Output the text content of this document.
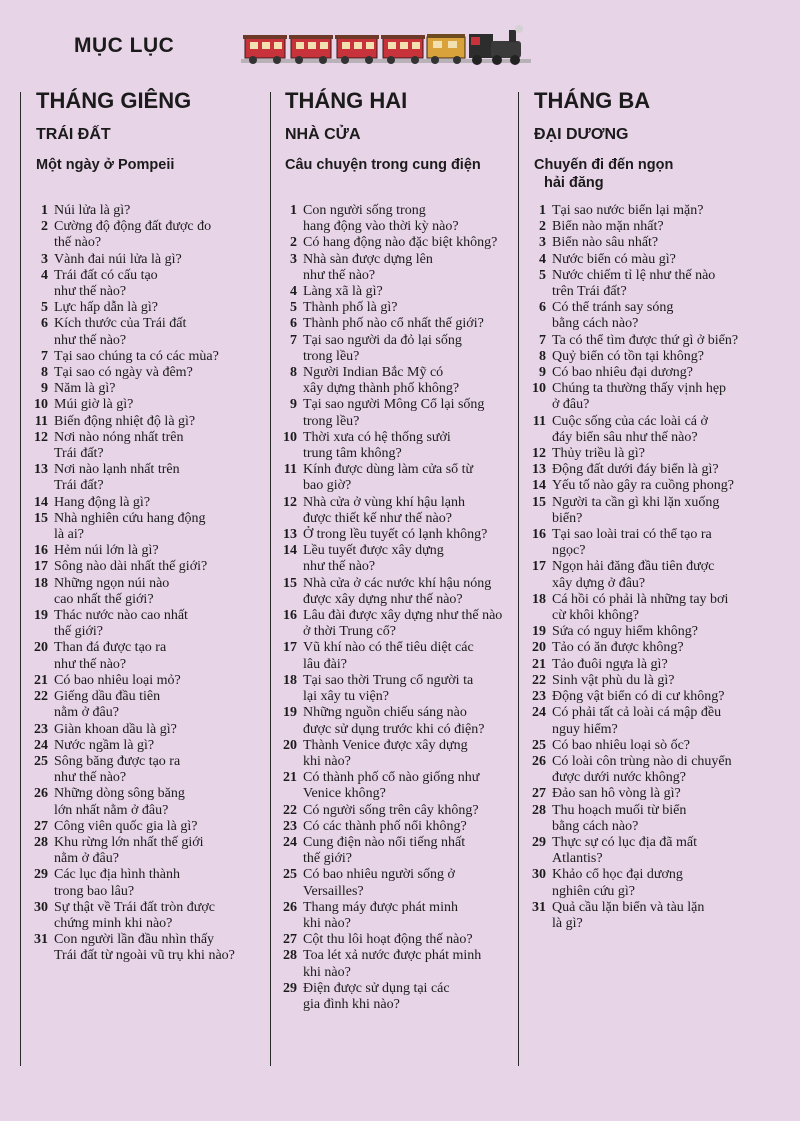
MỤC LỤC
THÁNG GIÊNG
TRÁI ĐẤT
Một ngày ở Pompeii
1 Núi lửa là gì?
2 Cường độ động đất được đo
thế nào?
3 Vành đai núi lửa là gì?
4 Trái đất có cấu tạo
như thế nào?
5 Lực hấp dẫn là gì?
6 Kích thước của Trái đất
như thế nào?
7 Tại sao chúng ta có các mùa?
8 Tại sao có ngày và đêm?
9 Năm là gì?
10 Múi giờ là gì?
11 Biến động nhiệt độ là gì?
12 Nơi nào nóng nhất trên
Trái đất?
13 Nơi nào lạnh nhất trên
Trái đất?
14 Hang động là gì?
15 Nhà nghiên cứu hang động
là ai?
16 Hẻm núi lớn là gì?
17 Sông nào dài nhất thế giới?
18 Những ngọn núi nào
cao nhất thế giới?
19 Thác nước nào cao nhất
thế giới?
20 Than đá được tạo ra
như thế nào?
21 Có bao nhiêu loại mỏ?
22 Giếng dầu đầu tiên
nằm ở đâu?
23 Giàn khoan dầu là gì?
24 Nước ngầm là gì?
25 Sông băng được tạo ra
như thế nào?
26 Những dòng sông băng
lớn nhất nằm ở đâu?
27 Công viên quốc gia là gì?
28 Khu rừng lớn nhất thế giới
nằm ở đâu?
29 Các lục địa hình thành
trong bao lâu?
30 Sự thật về Trái đất tròn được
chứng minh khi nào?
31 Con người lần đầu nhìn thấy
Trái đất từ ngoài vũ trụ khi nào?
THÁNG HAI
NHÀ CỬA
Câu chuyện trong cung điện
1 Con người sống trong
hang động vào thời kỳ nào?
2 Có hang động nào đặc biệt không?
3 Nhà sàn được dựng lên
như thế nào?
4 Làng xã là gì?
5 Thành phố là gì?
6 Thành phố nào cổ nhất thế giới?
7 Tại sao người da đỏ lại sống
trong lều?
8 Người Indian Bắc Mỹ có
xây dựng thành phố không?
9 Tại sao người Mông Cổ lại sống
trong lều?
10 Thời xưa có hệ thống sưởi
trung tâm không?
11 Kính được dùng làm cửa sổ từ
bao giờ?
12 Nhà cửa ở vùng khí hậu lạnh
được thiết kế như thế nào?
13 Ở trong lều tuyết có lạnh không?
14 Lều tuyết được xây dựng
như thế nào?
15 Nhà cửa ở các nước khí hậu nóng
được xây dựng như thế nào?
16 Lâu đài được xây dựng như thế nào
ở thời Trung cổ?
17 Vũ khí nào có thể tiêu diệt các
lâu đài?
18 Tại sao thời Trung cổ người ta
lại xây tu viện?
19 Những nguồn chiếu sáng nào
được sử dụng trước khi có điện?
20 Thành Venice được xây dựng
khi nào?
21 Có thành phố cổ nào giống như
Venice không?
22 Có người sống trên cây không?
23 Có các thành phố nổi không?
24 Cung điện nào nổi tiếng nhất
thế giới?
25 Có bao nhiêu người sống ở
Versailles?
26 Thang máy được phát minh
khi nào?
27 Cột thu lôi hoạt động thế nào?
28 Toa lét xả nước được phát minh
khi nào?
29 Điện được sử dụng tại các
gia đình khi nào?
THÁNG BA
ĐẠI DƯƠNG
Chuyến đi đến ngọn
hải đăng
1 Tại sao nước biển lại mặn?
2 Biển nào mặn nhất?
3 Biển nào sâu nhất?
4 Nước biển có màu gì?
5 Nước chiếm tỉ lệ như thế nào
trên Trái đất?
6 Có thể tránh say sóng
bằng cách nào?
7 Ta có thể tìm được thứ gì ở biển?
8 Quỷ biển có tồn tại không?
9 Có bao nhiêu đại dương?
10 Chúng ta thường thấy vịnh hẹp
ở đâu?
11 Cuộc sống của các loài cá ở
đáy biển sâu như thế nào?
12 Thủy triều là gì?
13 Động đất dưới đáy biển là gì?
14 Yếu tố nào gây ra cuồng phong?
15 Người ta cần gì khi lặn xuống
biển?
16 Tại sao loài trai có thể tạo ra
ngọc?
17 Ngọn hải đăng đầu tiên được
xây dựng ở đâu?
18 Cá hồi có phải là những tay bơi
cừ khôi không?
19 Sứa có nguy hiểm không?
20 Tảo có ăn được không?
21 Tảo đuôi ngựa là gì?
22 Sinh vật phù du là gì?
23 Động vật biển có di cư không?
24 Có phải tất cả loài cá mập đều
nguy hiểm?
25 Có bao nhiêu loại sò ốc?
26 Có loài côn trùng nào di chuyển
được dưới nước không?
27 Đảo san hô vòng là gì?
28 Thu hoạch muối từ biển
bằng cách nào?
29 Thực sự có lục địa đã mất
Atlantis?
30 Khảo cổ học đại dương
nghiên cứu gì?
31 Quả cầu lặn biển và tàu lặn
là gì?
